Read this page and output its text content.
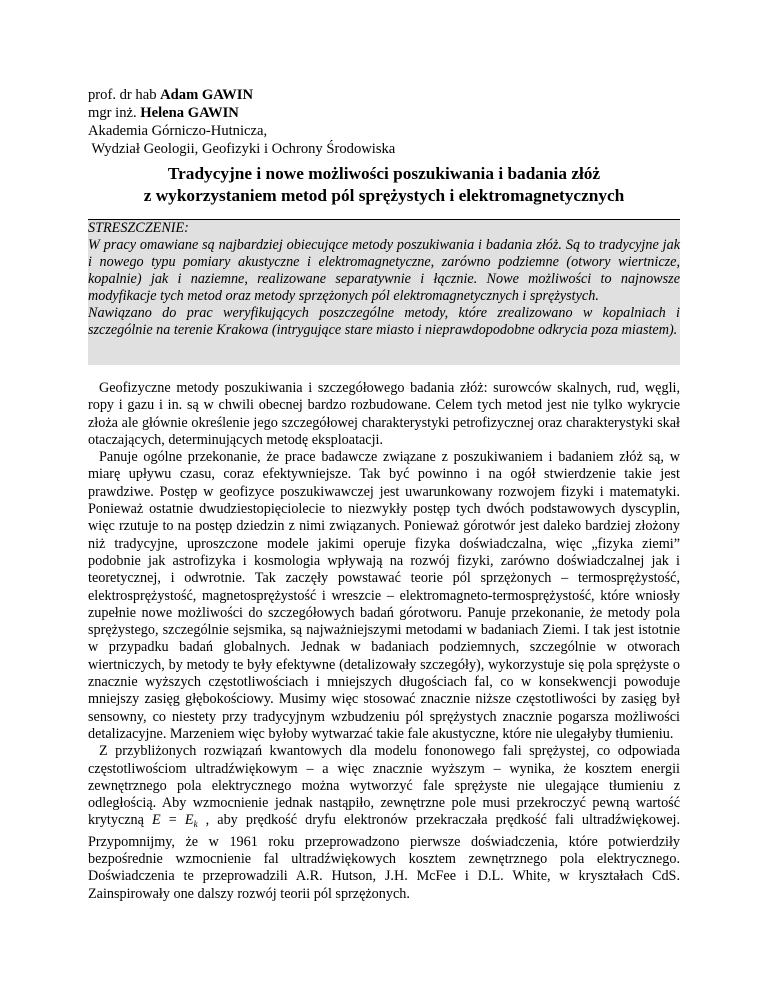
prof. dr hab Adam GAWIN
mgr inż. Helena GAWIN
Akademia Górniczo-Hutnicza,
Wydział Geologii, Geofizyki i Ochrony Środowiska
Tradycyjne i nowe możliwości poszukiwania i badania złóż
z wykorzystaniem metod pól sprężystych i elektromagnetycznych

STRESZCZENIE:

W pracy omawiane są najbardziej obiecujące metody poszukiwania i badania złóż. Są to tradycyjne jak i nowego typu pomiary akustyczne i elektromagnetyczne, zarówno podziemne (otwory wiertnicze, kopalnie) jak i naziemne, realizowane separatywnie i łącznie. Nowe możliwości to najnowsze modyfikacje tych metod oraz metody sprzężonych pól elektromagnetycznych i sprężystych.

Nawiązano do prac weryfikujących poszczególne metody, które zrealizowano w kopalniach i szczególnie na terenie Krakowa (intrygujące stare miasto i nieprawdopodobne odkrycia poza miastem).

Geofizyczne metody poszukiwania i szczegółowego badania złóż: surowców skalnych, rud, węgli, ropy i gazu i in. są w chwili obecnej bardzo rozbudowane. Celem tych metod jest nie tylko wykrycie złoża ale głównie określenie jego szczegółowej charakterystyki petrofizycznej oraz charakterystyki skał otaczających, determinujących metodę eksploatacji.

Panuje ogólne przekonanie, że prace badawcze związane z poszukiwaniem i badaniem złóż są, w miarę upływu czasu, coraz efektywniejsze. Tak być powinno i na ogół stwierdzenie takie jest prawdziwe. Postęp w geofizyce poszukiwawczej jest uwarunkowany rozwojem fizyki i matematyki. Ponieważ ostatnie dwudziestopięciolecie to niezwykły postęp tych dwóch podstawowych dyscyplin, więc rzutuje to na postęp dziedzin z nimi związanych. Ponieważ górotwór jest daleko bardziej złożony niż tradycyjne, uproszczone modele jakimi operuje fizyka doświadczalna, więc „fizyka ziemi” podobnie jak astrofizyka i kosmologia wpływają na rozwój fizyki, zarówno doświadczalnej jak i teoretycznej, i odwrotnie. Tak zaczęły powstawać teorie pól sprzężonych – termosprężystość, elektrosprężystość, magnetosprężystość i wreszcie – elektromagneto-termosprężystość, które wniosły zupełnie nowe możliwości do szczegółowych badań górotworu. Panuje przekonanie, że metody pola sprężystego, szczególnie sejsmika, są najważniejszymi metodami w badaniach Ziemi. I tak jest istotnie w przypadku badań globalnych. Jednak w badaniach podziemnych, szczególnie w otworach wiertniczych, by metody te były efektywne (detalizowały szczegóły), wykorzystuje się pola sprężyste o znacznie wyższych częstotliwościach i mniejszych długościach fal, co w konsekwencji powoduje mniejszy zasięg głębokościowy. Musimy więc stosować znacznie niższe częstotliwości by zasięg był sensowny, co niestety przy tradycyjnym wzbudzeniu pól sprężystych znacznie pogarsza możliwości detalizacyjne. Marzeniem więc byłoby wytwarzać takie fale akustyczne, które nie ulegałyby tłumieniu.

Z przybliżonych rozwiązań kwantowych dla modelu fononowego fali sprężystej, co odpowiada częstotliwościom ultradźwiękowym – a więc znacznie wyższym – wynika, że kosztem energii zewnętrznego pola elektrycznego można wytworzyć fale sprężyste nie ulegające tłumieniu z odległością. Aby wzmocnienie jednak nastąpiło, zewnętrzne pole musi przekroczyć pewną wartość krytyczną $E = E_k$ , aby prędkość dryfu elektronów przekraczała prędkość fali ultradźwiękowej. Przypomnijmy, że w 1961 roku przeprowadzono pierwsze doświadczenia, które potwierdziły bezpośrednie wzmocnienie fal ultradźwiękowych kosztem zewnętrznego pola elektrycznego. Doświadczenia te przeprowadzili A.R. Hutson, J.H. McFee i D.L. White, w kryształach CdS. Zainspirowały one dalszy rozwój teorii pól sprzężonych.
